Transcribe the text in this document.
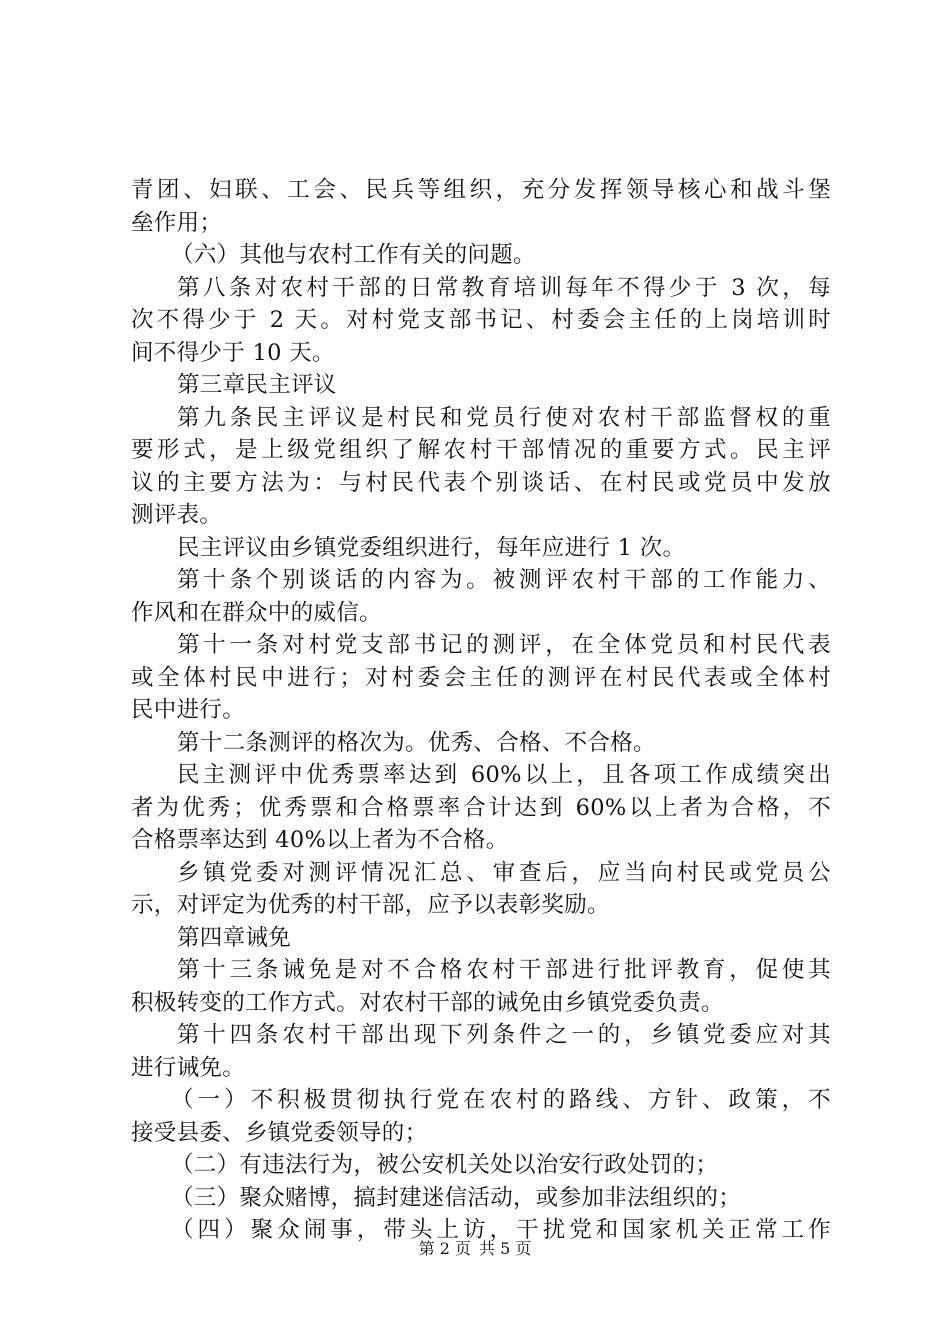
青团、妇联、工会、民兵等组织，充分发挥领导核心和战斗堡
垒作用；
（六）其他与农村工作有关的问题。
第八条对农村干部的日常教育培训每年不得少于 3 次，每
次不得少于 2 天。对村党支部书记、村委会主任的上岗培训时
间不得少于 10 天。
第三章民主评议
第九条民主评议是村民和党员行使对农村干部监督权的重
要形式，是上级党组织了解农村干部情况的重要方式。民主评
议的主要方法为：与村民代表个别谈话、在村民或党员中发放
测评表。
民主评议由乡镇党委组织进行，每年应进行 1 次。
第十条个别谈话的内容为。被测评农村干部的工作能力、
作风和在群众中的威信。
第十一条对村党支部书记的测评，在全体党员和村民代表
或全体村民中进行；对村委会主任的测评在村民代表或全体村
民中进行。
第十二条测评的格次为。优秀、合格、不合格。
民主测评中优秀票率达到 60%以上，且各项工作成绩突出
者为优秀；优秀票和合格票率合计达到 60%以上者为合格，不
合格票率达到 40%以上者为不合格。
乡镇党委对测评情况汇总、审查后，应当向村民或党员公
示，对评定为优秀的村干部，应予以表彰奖励。
第四章诫免
第十三条诫免是对不合格农村干部进行批评教育，促使其
积极转变的工作方式。对农村干部的诫免由乡镇党委负责。
第十四条农村干部出现下列条件之一的，乡镇党委应对其
进行诫免。
（一）不积极贯彻执行党在农村的路线、方针、政策，不
接受县委、乡镇党委领导的；
（二）有违法行为，被公安机关处以治安行政处罚的；
（三）聚众赌博，搞封建迷信活动，或参加非法组织的；
（四）聚众闹事，带头上访，干扰党和国家机关正常工作
第 2 页 共 5 页
